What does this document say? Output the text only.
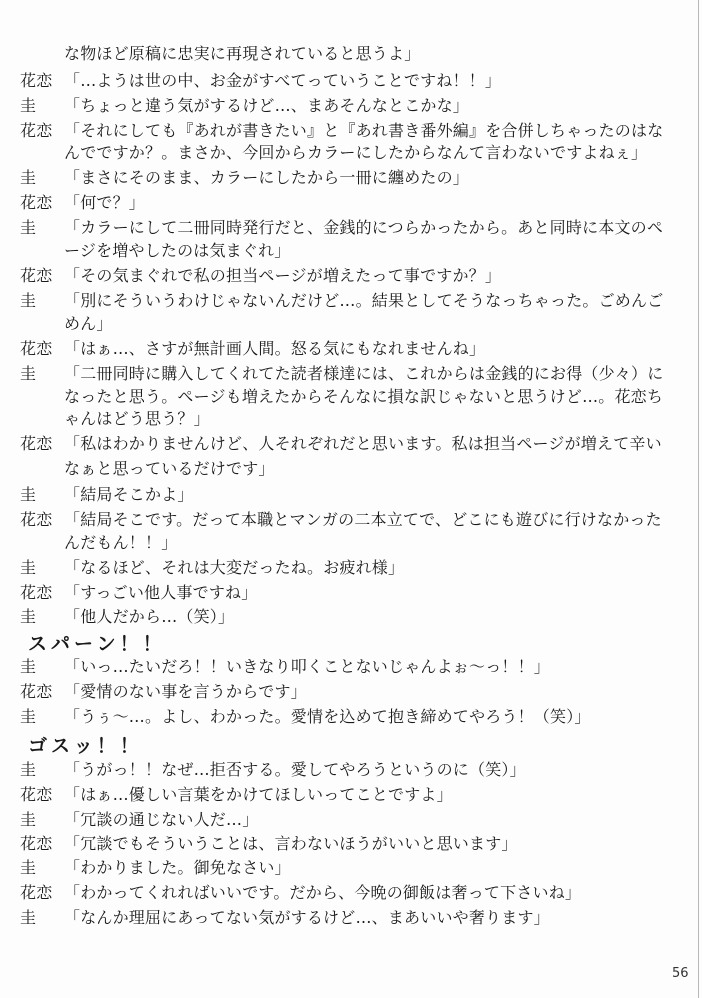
な物ほど原稿に忠実に再現されていると思うよ」
花恋 「…ようは世の中、お金がすべてっていうことですね！！」
圭	「ちょっと違う気がするけど…、まあそんなとこかな」
花恋 「それにしても『あれが書きたい』と『あれ書き番外編』を合併しちゃったのはな
んでですか？。まさか、今回からカラーにしたからなんて言わないですよねぇ」
圭	「まさにそのまま、カラーにしたから一冊に纏めたの」
花恋 「何で？」
圭	「カラーにして二冊同時発行だと、金銭的につらかったから。あと同時に本文のペ
ージを増やしたのは気まぐれ」
花恋 「その気まぐれで私の担当ページが増えたって事ですか？」
圭	「別にそういうわけじゃないんだけど…。結果としてそうなっちゃった。ごめんご
めん」
花恋 「はぁ…、さすが無計画人間。怒る気にもなれませんね」
圭	「二冊同時に購入してくれてた読者様達には、これからは金銭的にお得（少々）に
なったと思う。ページも増えたからそんなに損な訳じゃないと思うけど…。花恋ち
ゃんはどう思う？」
花恋 「私はわかりませんけど、人それぞれだと思います。私は担当ページが増えて辛い
なぁと思っているだけです」
圭	「結局そこかよ」
花恋 「結局そこです。だって本職とマンガの二本立てで、どこにも遊びに行けなかった
んだもん！！」
圭	「なるほど、それは大変だったね。お疲れ様」
花恋 「すっごい他人事ですね」
圭	「他人だから…（笑）」
スパーン！！
圭	「いっ…たいだろ！！いきなり叩くことないじゃんよぉ〜っ！！」
花恋 「愛情のない事を言うからです」
圭	「うぅ〜…。よし、わかった。愛情を込めて抱き締めてやろう！（笑）」
ゴスッ！！
圭	「うがっ！！なぜ…拒否する。愛してやろうというのに（笑）」
花恋 「はぁ…優しい言葉をかけてほしいってことですよ」
圭	「冗談の通じない人だ…」
花恋 「冗談でもそういうことは、言わないほうがいいと思います」
圭	「わかりました。御免なさい」
花恋 「わかってくれればいいです。だから、今晩の御飯は奢って下さいね」
圭	「なんか理屈にあってない気がするけど…、まあいいや奢ります」
56
